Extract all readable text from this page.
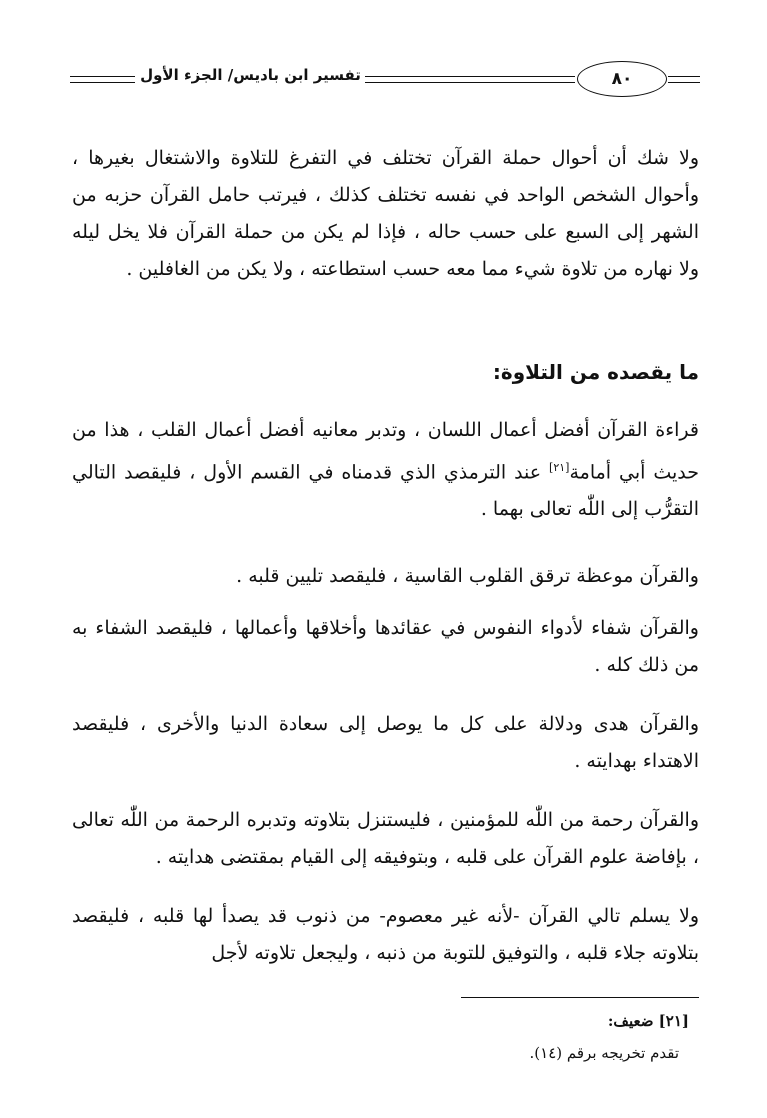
تفسير ابن باديس/ الجزء الأول	٨٠

ولا شك أن أحوال حملة القرآن تختلف في التفرغ للتلاوة والاشتغال بغيرها ، وأحوال الشخص الواحد في نفسه تختلف كذلك ، فيرتب حامل القرآن حزبه من الشهر إلى السبع على حسب حاله ، فإذا لم يكن من حملة القرآن فلا يخل ليله ولا نهاره من تلاوة شيء مما معه حسب استطاعته ، ولا يكن من الغافلين .

ما يقصده من التلاوة:

قراءة القرآن أفضل أعمال اللسان ، وتدبر معانيه أفضل أعمال القلب ، هذا من حديث أبي أمامة[٢١] عند الترمذي الذي قدمناه في القسم الأول ، فليقصد التالي التقرُّب إلى اللّٰه تعالى بهما .

والقرآن موعظة ترقق القلوب القاسية ، فليقصد تليين قلبه .

والقرآن شفاء لأدواء النفوس في عقائدها وأخلاقها وأعمالها ، فليقصد الشفاء به من ذلك كله .

والقرآن هدى ودلالة على كل ما يوصل إلى سعادة الدنيا والأخرى ، فليقصد الاهتداء بهدايته .

والقرآن رحمة من اللّٰه للمؤمنين ، فليستنزل بتلاوته وتدبره الرحمة من اللّٰه تعالى ، بإفاضة علوم القرآن على قلبه ، وبتوفيقه إلى القيام بمقتضى هدايته .

ولا يسلم تالي القرآن -لأنه غير معصوم- من ذنوب قد يصدأ لها قلبه ، فليقصد بتلاوته جلاء قلبه ، والتوفيق للتوبة من ذنبه ، وليجعل تلاوته لأجل

[٢١] ضعيف:
تقدم تخريجه برقم (١٤).
